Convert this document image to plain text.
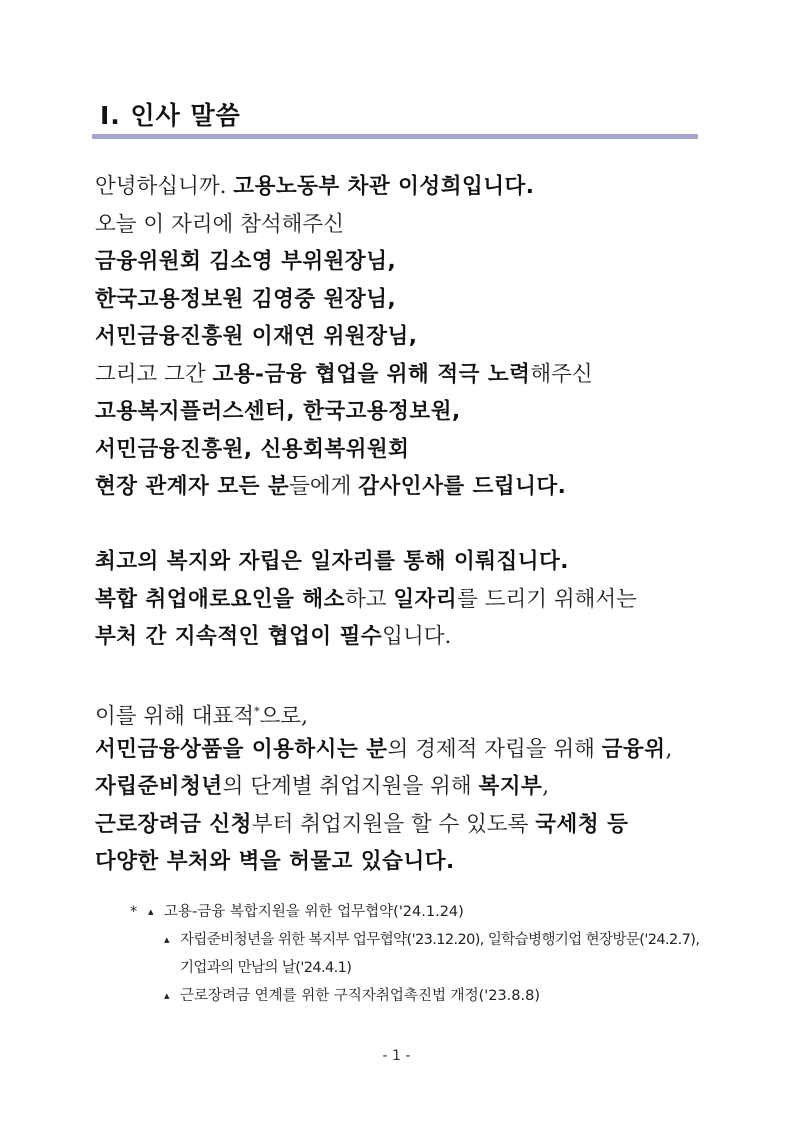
Ⅰ. 인사 말씀
안녕하십니까. 고용노동부 차관 이성희입니다.
오늘 이 자리에 참석해주신
금융위원회 김소영 부위원장님,
한국고용정보원 김영중 원장님,
서민금융진흥원 이재연 위원장님,
그리고 그간 고용-금융 협업을 위해 적극 노력해주신
고용복지플러스센터, 한국고용정보원,
서민금융진흥원, 신용회복위원회
현장 관계자 모든 분들에게 감사인사를 드립니다.
최고의 복지와 자립은 일자리를 통해 이뤄집니다.
복합 취업애로요인을 해소하고 일자리를 드리기 위해서는
부처 간 지속적인 협업이 필수입니다.
이를 위해 대표적*으로,
서민금융상품을 이용하시는 분의 경제적 자립을 위해 금융위,
자립준비청년의 단계별 취업지원을 위해 복지부,
근로장려금 신청부터 취업지원을 할 수 있도록 국세청 등
다양한 부처와 벽을 허물고 있습니다.
* ▴ 고용-금융 복합지원을 위한 업무협약('24.1.24)
▴ 자립준비청년을 위한 복지부 업무협약('23.12.20), 일학습병행기업 현장방문('24.2.7),
기업과의 만남의 날('24.4.1)
▴ 근로장려금 연계를 위한 구직자취업촉진법 개정('23.8.8)
- 1 -
